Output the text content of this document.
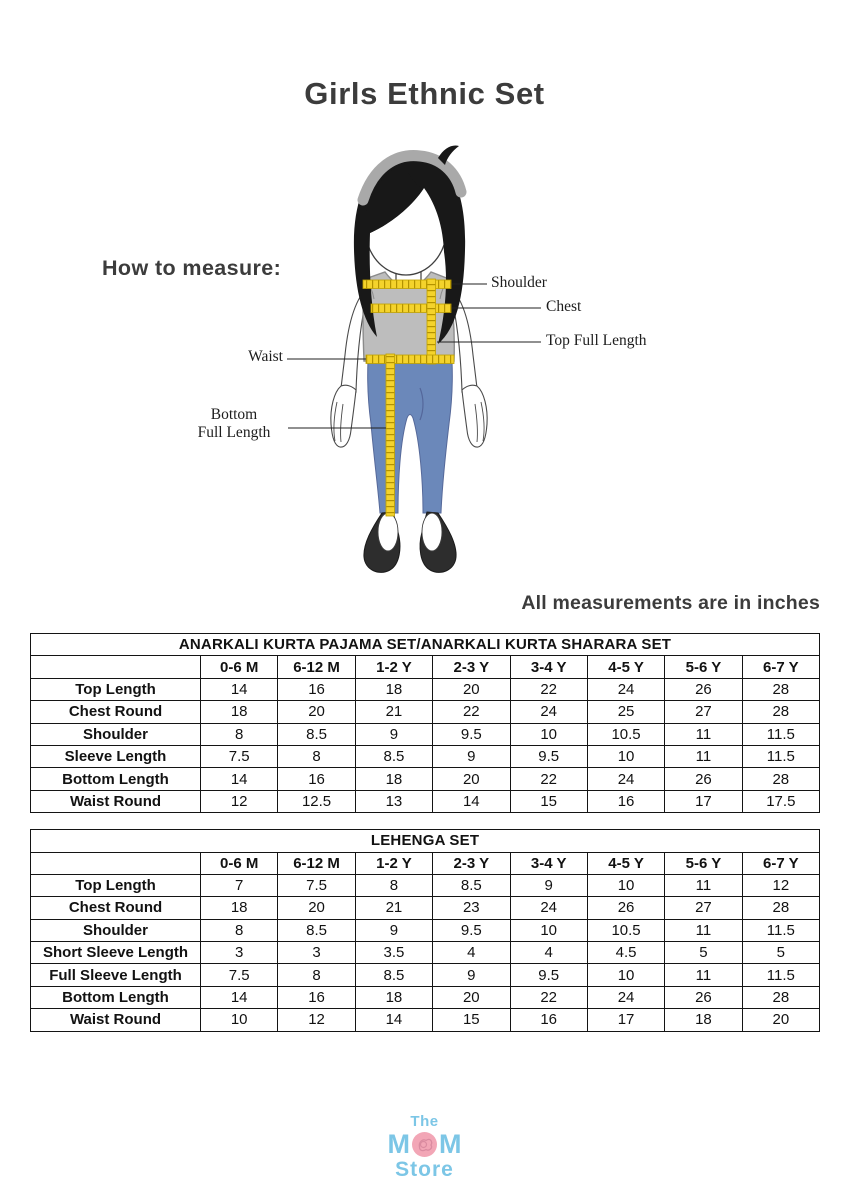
Girls Ethnic Set
How to measure:
Shoulder
Chest
Top Full Length
Waist
Bottom
Full Length
All measurements are in inches
ANARKALI KURTA PAJAMA SET/ANARKALI KURTA SHARARA SET								
	0-6 M	6-12 M	1-2 Y	2-3 Y	3-4 Y	4-5 Y	5-6 Y	6-7 Y
Top Length	14	16	18	20	22	24	26	28
Chest Round	18	20	21	22	24	25	27	28
Shoulder	8	8.5	9	9.5	10	10.5	11	11.5
Sleeve Length	7.5	8	8.5	9	9.5	10	11	11.5
Bottom Length	14	16	18	20	22	24	26	28
Waist Round	12	12.5	13	14	15	16	17	17.5
LEHENGA SET								
	0-6 M	6-12 M	1-2 Y	2-3 Y	3-4 Y	4-5 Y	5-6 Y	6-7 Y
Top Length	7	7.5	8	8.5	9	10	11	12
Chest Round	18	20	21	23	24	26	27	28
Shoulder	8	8.5	9	9.5	10	10.5	11	11.5
Short Sleeve Length	3	3	3.5	4	4	4.5	5	5
Full Sleeve Length	7.5	8	8.5	9	9.5	10	11	11.5
Bottom Length	14	16	18	20	22	24	26	28
Waist Round	10	12	14	15	16	17	18	20
The
M M
Store
